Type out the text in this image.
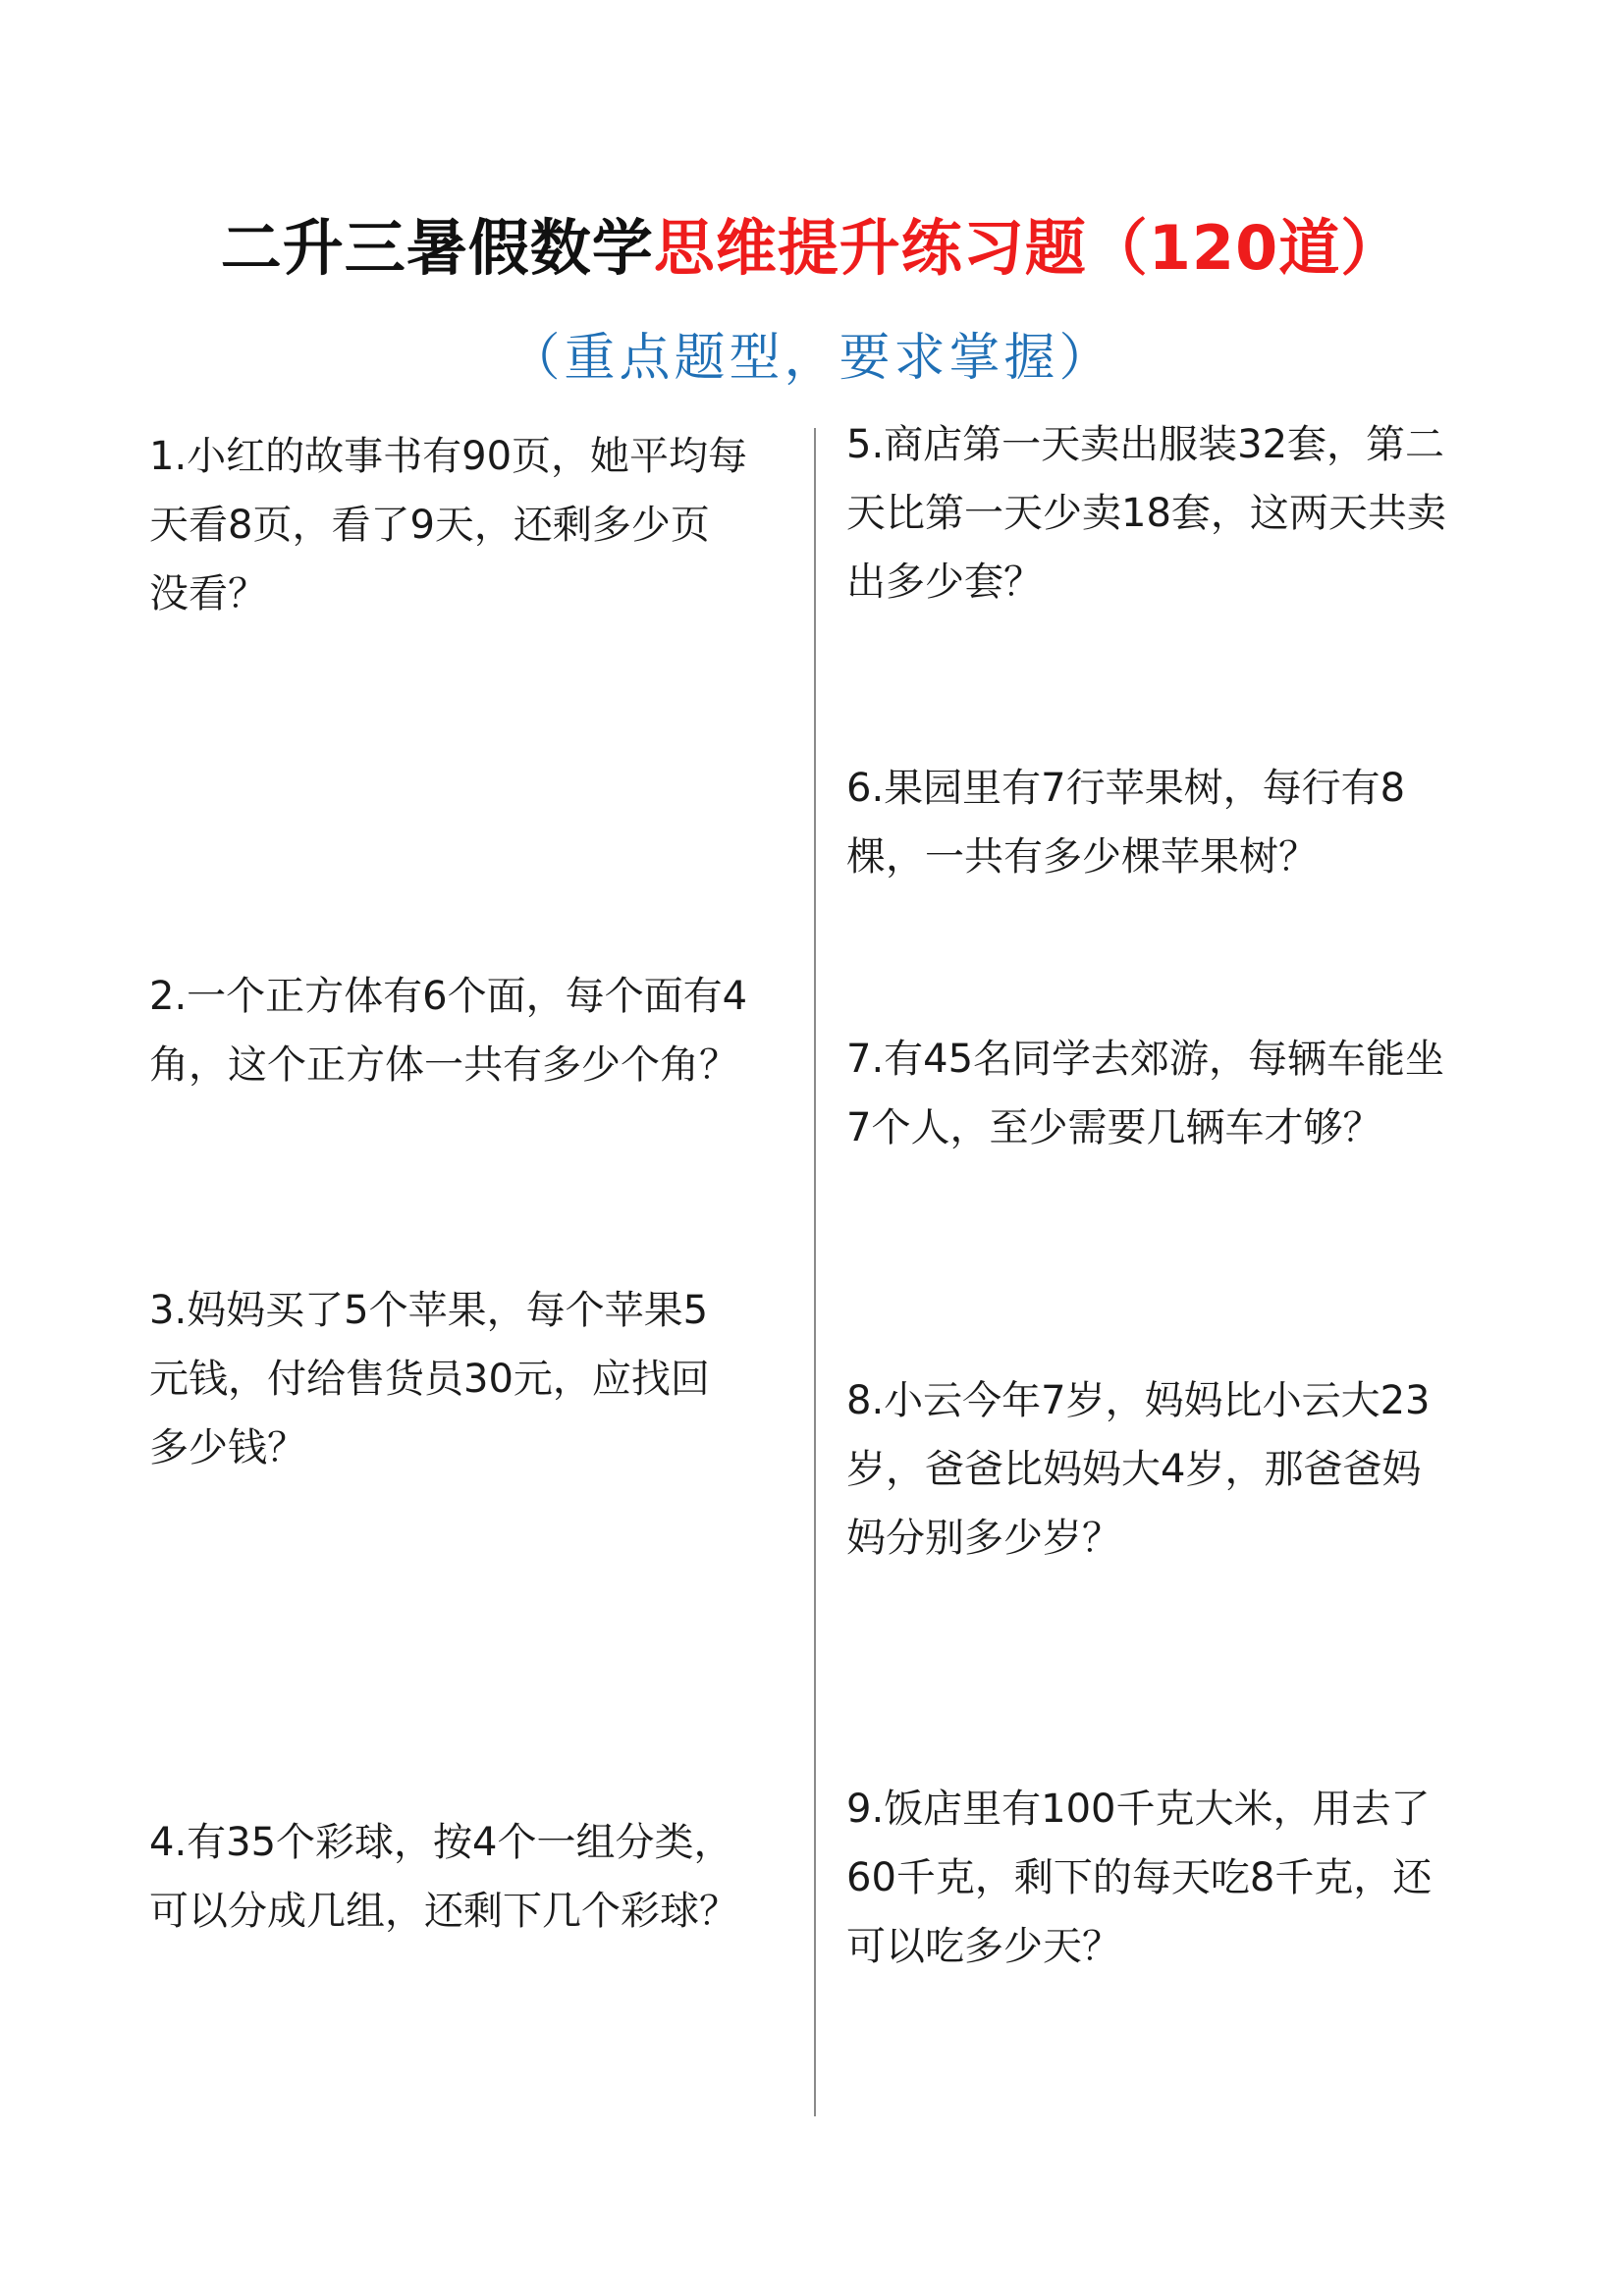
二升三暑假数学思维提升练习题（120道）
（重点题型，要求掌握）
1.小红的故事书有90页，她平均每
天看8页，看了9天，还剩多少页
没看？
2.一个正方体有6个面，每个面有4
角，这个正方体一共有多少个角？
3.妈妈买了5个苹果，每个苹果5
元钱，付给售货员30元，应找回
多少钱？
4.有35个彩球，按4个一组分类，
可以分成几组，还剩下几个彩球？
5.商店第一天卖出服装32套，第二
天比第一天少卖18套，这两天共卖
出多少套？
6.果园里有7行苹果树，每行有8
棵，一共有多少棵苹果树？
7.有45名同学去郊游，每辆车能坐
7个人，至少需要几辆车才够？
8.小云今年7岁，妈妈比小云大23
岁，爸爸比妈妈大4岁，那爸爸妈
妈分别多少岁？
9.饭店里有100千克大米，用去了
60千克，剩下的每天吃8千克，还
可以吃多少天？
